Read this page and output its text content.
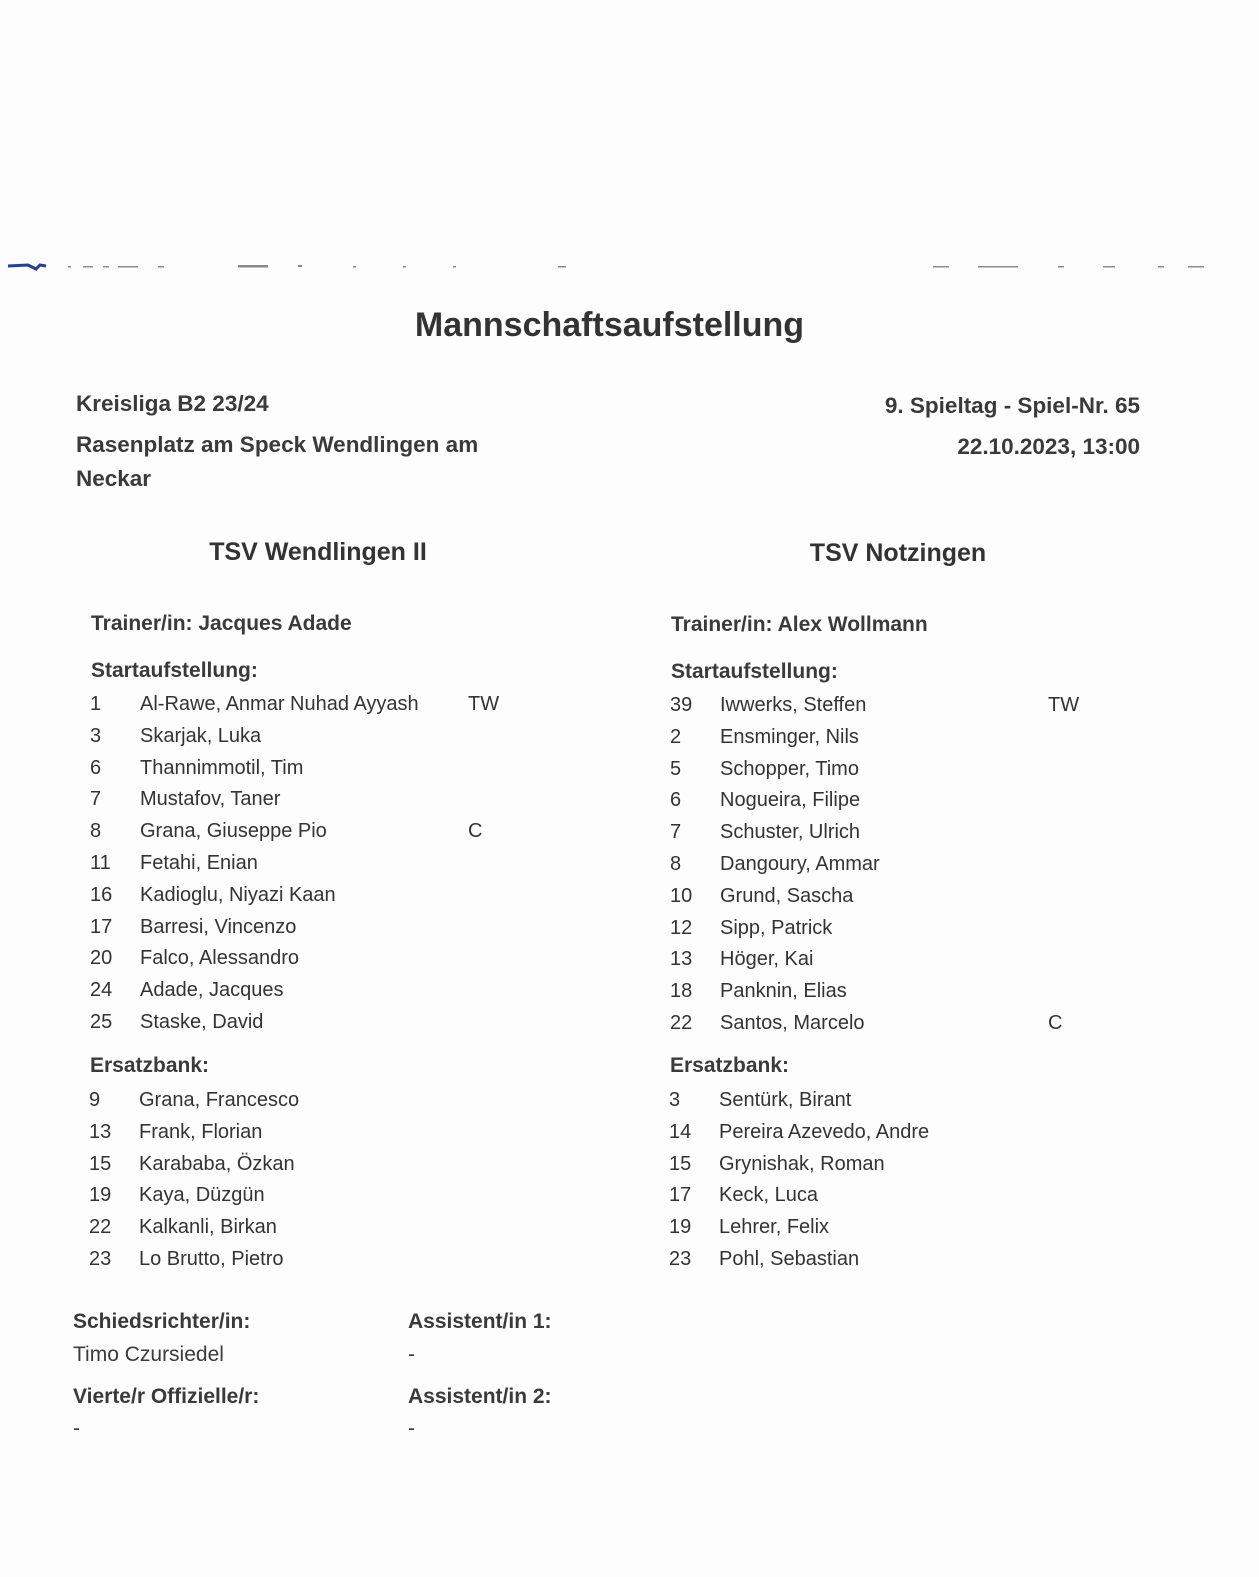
Mannschaftsaufstellung
Kreisliga B2 23/24
Rasenplatz am Speck Wendlingen am
Neckar
9. Spieltag - Spiel-Nr. 65
22.10.2023, 13:00
TSV Wendlingen II	TSV Notzingen
Trainer/in: Jacques Adade	Trainer/in: Alex Wollmann
Startaufstellung:	Startaufstellung:
1 Al-Rawe, Anmar Nuhad Ayyash TW
3 Skarjak, Luka
6 Thannimmotil, Tim
7 Mustafov, Taner
8 Grana, Giuseppe Pio	C
11 Fetahi, Enian
16 Kadioglu, Niyazi Kaan
17 Barresi, Vincenzo
20 Falco, Alessandro
24 Adade, Jacques
25 Staske, David
39 Iwwerks, Steffen	TW
2 Ensminger, Nils
5 Schopper, Timo
6 Nogueira, Filipe
7 Schuster, Ulrich
8 Dangoury, Ammar
10 Grund, Sascha
12 Sipp, Patrick
13 Höger, Kai
18 Panknin, Elias
22 Santos, Marcelo	C
Ersatzbank:	Ersatzbank:
9 Grana, Francesco
13 Frank, Florian
15 Karababa, Özkan
19 Kaya, Düzgün
22 Kalkanli, Birkan
23 Lo Brutto, Pietro
3 Sentürk, Birant
14 Pereira Azevedo, Andre
15 Grynishak, Roman
17 Keck, Luca
19 Lehrer, Felix
23 Pohl, Sebastian
Schiedsrichter/in:
Timo Czursiedel
Assistent/in 1:
-
Vierte/r Offizielle/r:
-
Assistent/in 2:
-
